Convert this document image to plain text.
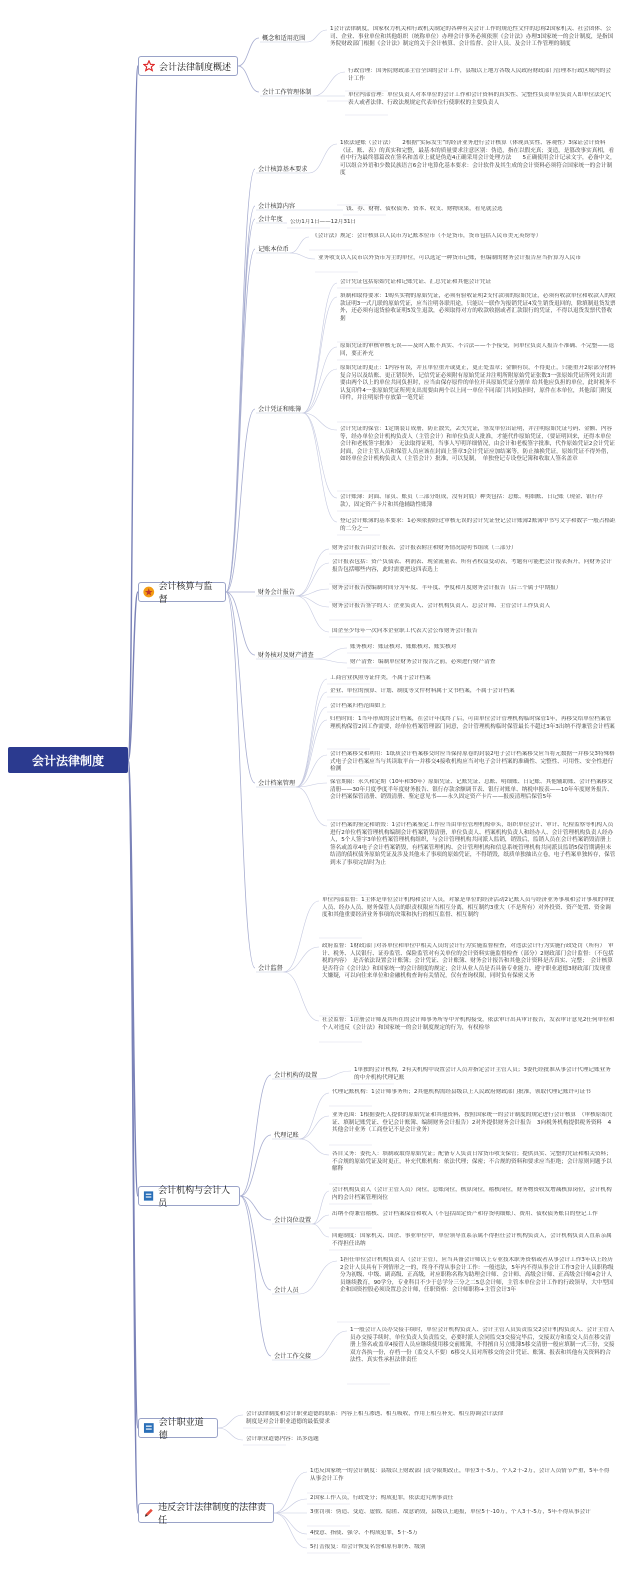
会计法律制度
会计法律制度概述
会计核算与监督
会计机构与会计人员
会计职业道德
违反会计法律制度的法律责任
概念和适用范围
1会计法律制度，国家权力机关和行政机关制定的各种有关会计工作的规范性文件的总称2国家机关、社会团体、公司、企业、事业单位和其他组织（统称单位）办理会计事务必须依照《会计法》办理3国家统一的会计制度，是指国务院财政部门根据《会计法》制定的关于会计核算、会计监督、会计人员、及会计工作管理的制度
会计工作管理体制
行政管理：国务院财政部主管全国的会计工作，县级以上地方各级人民政府财政部门管理本行政区域内的会计工作
单位内部管理：单位负责人对本单位的会计工作和会计资料的真实性、完整性负责单位负责人即单位法定代表人或者法律、行政法规规定代表单位行使职权的主要负责人
会计核算基本要求
1依法建账（会计法）　　2根据“实际发生”的经济业务进行会计核算（体现真实性、客观性）3保证会计资料（证、账、表）的真实和完整，最基本的质量要求注意区别：伪造，指在以假充真；变造，是篡改事实真相，看看中行为最终篡篇改在签名和盖章上就是伪造4正确采用会计处理方法　　5正确使用会计记录文字，必备中文，可以组合外语和少数民族语言6会计电算化基本要求：会计软件及其生成的会计资料必须符合国家统一的会计制度
会计核算内容	钱、券、财物、债权债务、资本、收支、财物成果，看见就会选
会计年度 公历1月1日——12月31日
记账本位币
《会计法》规定：会计核算以人民币为记账本位币（不是货币，货币包括人民币美元英镑等）
业务收支以人民币以外货币为主的单位，可以选定一种货币记账，但编制的财务会计报告应当折算为人民币
会计凭证和账簿
会计凭证包括原始凭证和记账凭证、汇总凭证和其他会计凭证
填制和取得要求：1购买实物的原始凭证，必须有验收证明2支付款项的原始凭证，必须有收款单位和收款人的收款证明3一式几联的原始凭证，应当注明各联用途，只能以一联作为报销凭证4发生销货退回的，除填制退货发票外，还必须有退货验收证明5发生退款，必须取得对方的收款收据或者汇款银行的凭证，不得以退货发票代替收据
原始凭证的审核审核无误——及时入账不真实、不合法——不予接受，向单位负责人报告不准确、不完整——退回，要正补充
原始凭证的更正：1内容有误，并且单位重开或更正，更正处盖章；金额有误，不得更正，只能重开2原部分材料复合另以及结账、更正错误外，记信凭证必须附有原始凭证并注明所附原始凭证张数3一张原始凭证所列支出需要由两个以上的单位共同负担时，应当由保存原件的单位开具原始凭证分割单 给其他应负担的单位，此时税务不认复印件4一张原始凭证所列支出需要由两个以上同一单位不同部门共同负担时，原件在本单位，其他部门附复印件，并注明原件存放第一笔凭证
会计凭证的保管：1定期装订成册，防止散失，丢失凭证，签发单位出证明，并注明原始凭证号码、金额、内容等，经办单位会计机构负责人（主管会计）和单位负责人批准，才能代作原始凭证，（要证明回来，还得本单位会计和老板签字批准）　无法取得证明，当事人写明详细情况，由会计和老板签字批准，代作原始凭证2会计凭证封面，会计主管人员和保管人员应该在封面上签章3会计凭证应加结案等，防止抽换凭证，原始凭证不得外借，如经单位会计机构负责人（主管会计）批准，可以复制，　单独登记专设登记簿和收取人签名盖章
会计账簿：封面、扉页、账页（三部分组成，没有封底）种类包括：总账、明细账、日记账（现金、银行存款），固定资产卡片和其他辅助性账簿
登记会计账簿的基本要求：1必须依据经过审核无误的会计凭证登记会计账簿2账簿中书写文字和数字一般占格距的二分之一
财务会计报告
财务会计报告由会计报表、会计报表附注和财务情况说明书组成（三部分）
会计报表包括：资产负债表、利润表、现金流量表、所有者权益变动表，考题有可能把会计报表拆开，问财务会计报告包括哪些内容，此时需要把这四表选上
财务会计报告按编制时间分为年度、半年度、季度和月度财务会计报告（后三个属于中期报）
财务会计报告签字的人：企业负责人、会计机构负责人、总会计师、主管会计工作负责人
国企至少每年一次向本企业职工代表大会公布财务会计报告
财务核对及财产清查
账务核对：账证核对、账账核对、账实核对
财产清查：编制单位财务会计报告之前，必须进行财产清查
会计档案管理
工商营业执照等证件类，不属于会计档案
企业、单位的预算、计划、制度等文件材料属于文书档案，不属于会计档案
会计档案归档范围如上
归档时间：1当年形成的会计档案，在会计年度终了后，可由单位会计管理机构临时保管1年，再移交给单位档案管理机构保管2因工作需要，经单位档案管理部门同意，会计管理机构临时保管最长不超过3年3出纳不得兼管会计档案
会计档案移交和利用：1纸质会计档案移交时应当保持原卷的封装2电子会计档案移交应当将元数据一并移交3特殊格式电子会计档案应当与其读取平台一并移交4接收机构应当对电子会计档案的准确性、完整性、可用性、安全性进行检测
保管期限：永久和定期（10年和30年）原始凭证、记账凭证、总账、明细账、日记账、其他辅助账、会计档案移交清册——30年月度季度半年度财务报告、银行存款余额调节表、银行对账单、纳税申报表——10年年度财务报告、会计档案保管清册、销毁清册、鉴定意见书——永久固定资产卡片——报废清理后保管5年
会计档案的鉴定和销毁：1会计档案鉴定工作应当由单位管理机构牵头，组织单位会计、审计、纪检监察等机构人员进行2单位档案管理机构编制会计档案销毁清册，单位负责人、档案机构负责人和经办人、会计管理机构负责人经办人，5个人签字3单位档案管理机构组织，与会计管理机构共同派人监销，销毁后，监销人员在会计档案销毁清册上签名或盖章4电子会计档案销毁，有档案管理机构、会计管理机构和信息系统管理机构共同派员监销5保管期满但未结清的债权债务原始凭证及涉及其他未了事项的原始凭证，不得销毁，纸质单独抽出立卷，电子档案单独转存，保管到未了事项完结时为止
会计监督
单位内部监督：1主体是单位会计机构和会计人员，对象是单位的经济活动2记账人员与经济业务事项和会计事项的审批人员、经办人员、财务保管人员的职责权限应当相互分离，相互制约3重大（不是所有）对外投资、资产处置、资金调度和其他重要经济业务事项的决策和执行的相互监督、相互制约
政府监督：1财政部门对各单位和单位中相关人员的会计行为实施监督检查，对违法会计行为实施行政处罚（所有）　审计、税务、人民银行、证券监管、保险监管对有关单位的会计资料实施监督检查（部分）2财政部门会计监督：（不包括税的内容）　是否依法设置会计账簿；会计凭证、会计账簿、财务会计报告和其他会计资料是否真实、完整；　会计核算是否符合《会计法》和国家统一的会计制度的规定；会计从业人员是否具备专业能力、遵守职业道德3财政部门发现重大嫌疑，可以向往来单位和金融机构查询有关情况，仅有查询权限，同时负有保密义务
社会监督：1注册会计师及其所在的会计师事务所等中介机构接受，依法审计出具审计报告，发表审计意见2任何单位和个人对违反《会计法》和国家统一的会计制度规定的行为，有权检举
会计机构的设置
1单独的会计机构，2有关机构中设置会计人员并指定会计主管人员；3委托经批准从事会计代理记账业务的中介机构代理记账
代理记账
代理记账机构：1会计师事务所；2其他机构需经县级以上人民政府财政部门批准，领取代理记账许可证书
业务范围：1根据委托人提供的原始凭证和其他资料，按照国家统一的会计制度的规定进行会计核算　（审核原始凭证、填制记账凭证、登记会计账簿、编制财务会计报告）2对外提供财务会计报告　3向税务机构提供税务资料　4其他会计业务（工商登记不是会计业务）
各自义务：委托人：填制或取得原始凭证；配备专人负责日常货币收支保管；提供真实、完整的凭证和相关资料；不合规的原始凭证及时更正，补充代账机构：依法代理；保密；不合规的资料和要求应当拒绝；会计原则问题予以解释
会计岗位设置
会计机构负责人（会计主管人员）岗位，总账岗位，核算岗位，稽核岗位，财务物资收发增减核算岗位，会计机构内的会计档案管理岗位
出纳不得兼管稽核、会计档案保管和收入（不包括固定资产和存货明细账）、费用、债权债务账目的登记工作
回避制度：国家机关、国企、事业单位中，单位领导直系亲属不得担任会计机构负责人，会计机构负责人直系亲属不得担任出纳
会计人员
1担任单位会计机构负责人（会计主管），应当具备会计师以上专业技术职务资格或者从事会计工作3年以上经历2会计人员具有下列情形之一的，终身不得从事会计工作：一般违法，5年内不得从事会计工作3会计人员职称级分为初级、中级、副高级、正高级，对应职称名称为助理会计师、会计师、高级会计师、正高级会计师4会计人员继续教育，90学分，专业科目不少于总学分三分之二5总会计师，主管本单位会计工作的行政领导，大中型国企和国资控股必须设置总会计师，任职资格：会计师职称+主管会计3年
会计工作交接
1一般会计人员办交接手续时，单位会计机构负责人、会计主管人员负责监交2会计机构负责人、会计主管人员办交接手续时，单位负责人负责监交，必要时派人会同监交3交接完毕后，交接双方和监交人员在移交清册上签名或盖章4接管人员应继续使用移交前账簿，不得擅自另立账簿5移交清册一般应填制一式三份，交接双方各执一份，存档一份（监交人不要）6移交人员对所移交的会计凭证、账簿、报表和其他有关资料的合法性、真实性承担法律责任
会计法律制度和会计职业道德的联系：内容上相互渗透、相互吸收，作用上相互补充、相互协调会计法律制度是对会计职业道德的最低要求
会计职业道德内容：出多选题
1违反国家统一的会计制度：县级以上财政部门责令限期改正，单位3千-5万，个人2千-2万，会计人员情节严重，5年不得从事会计工作
2国家工作人员，行政处分；构成犯罪，依法追究刑事责任
3重罚项：伪造、变造、虚假、隐匿、故意销毁，县级以上通报，单位5千-10万，个人3千-5万，5年不得从事会计
4授意、指使、强令、不构成犯罪，5千-5万
5打击报复：给会计恢复名誉和原有职务、级别
